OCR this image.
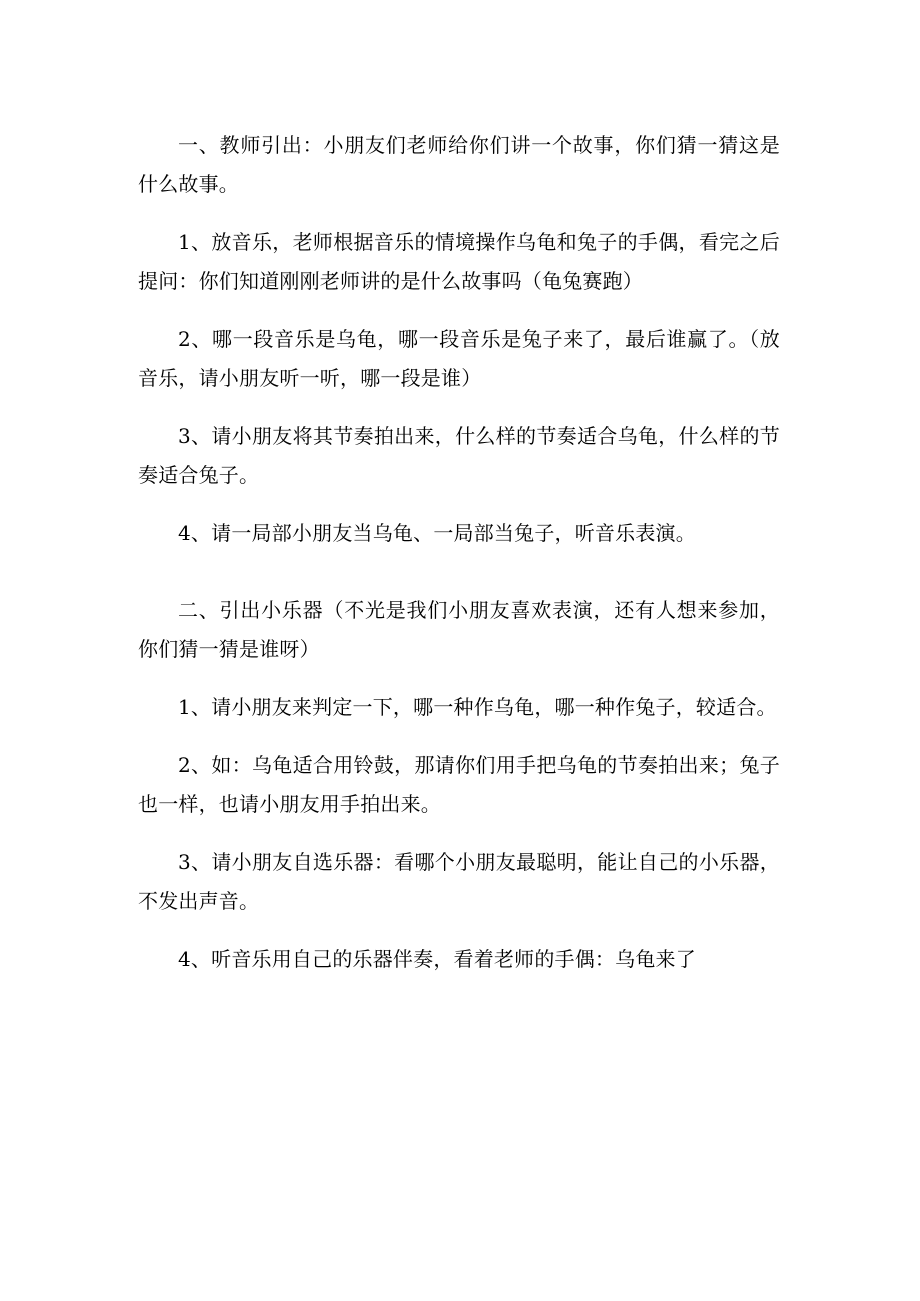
一、教师引出：小朋友们老师给你们讲一个故事，你们猜一猜这是什么故事。

1、放音乐，老师根据音乐的情境操作乌龟和兔子的手偶，看完之后提问：你们知道刚刚老师讲的是什么故事吗（龟兔赛跑）

2、哪一段音乐是乌龟，哪一段音乐是兔子来了，最后谁赢了。（放音乐，请小朋友听一听，哪一段是谁）

3、请小朋友将其节奏拍出来，什么样的节奏适合乌龟，什么样的节奏适合兔子。

4、请一局部小朋友当乌龟、一局部当兔子，听音乐表演。

二、引出小乐器（不光是我们小朋友喜欢表演，还有人想来参加，你们猜一猜是谁呀）

1、请小朋友来判定一下，哪一种作乌龟，哪一种作兔子，较适合。

2、如：乌龟适合用铃鼓，那请你们用手把乌龟的节奏拍出来；兔子也一样，也请小朋友用手拍出来。

3、请小朋友自选乐器：看哪个小朋友最聪明，能让自己的小乐器，不发出声音。

4、听音乐用自己的乐器伴奏，看着老师的手偶：乌龟来了
